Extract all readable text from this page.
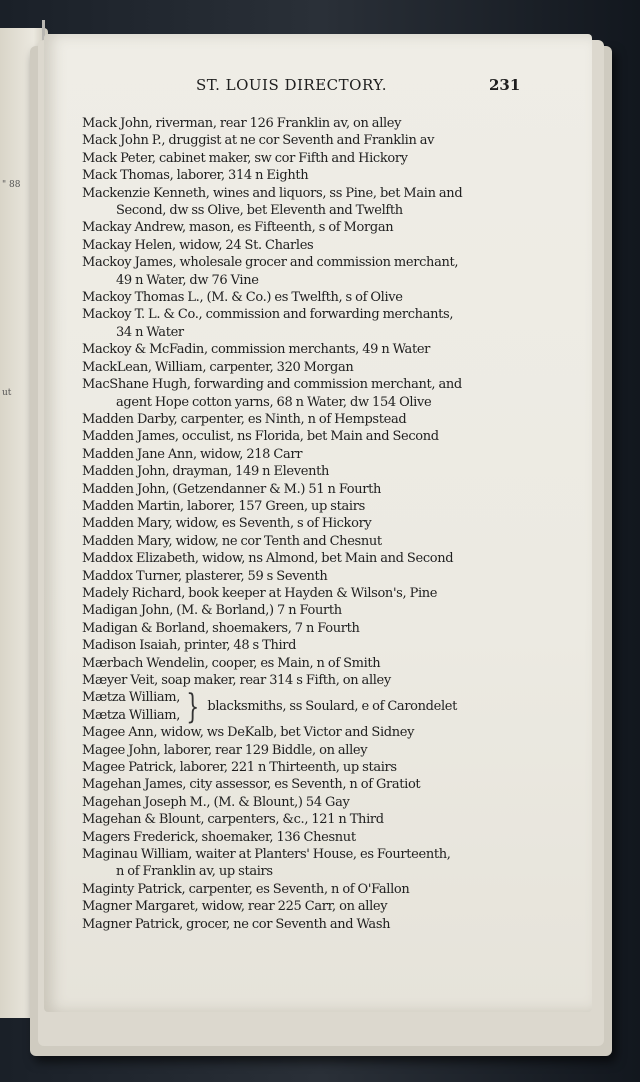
" 88
ut
ST. LOUIS DIRECTORY.	231
Mack John, riverman, rear 126 Franklin av, on alley
Mack John P., druggist at ne cor Seventh and Franklin av
Mack Peter, cabinet maker, sw cor Fifth and Hickory
Mack Thomas, laborer, 314 n Eighth
Mackenzie Kenneth, wines and liquors, ss Pine, bet Main and
Second, dw ss Olive, bet Eleventh and Twelfth
Mackay Andrew, mason, es Fifteenth, s of Morgan
Mackay Helen, widow, 24 St. Charles
Mackoy James, wholesale grocer and commission merchant,
49 n Water, dw 76 Vine
Mackoy Thomas L., (M. & Co.) es Twelfth, s of Olive
Mackoy T. L. & Co., commission and forwarding merchants,
34 n Water
Mackoy & McFadin, commission merchants, 49 n Water
MackLean, William, carpenter, 320 Morgan
MacShane Hugh, forwarding and commission merchant, and
agent Hope cotton yarns, 68 n Water, dw 154 Olive
Madden Darby, carpenter, es Ninth, n of Hempstead
Madden James, occulist, ns Florida, bet Main and Second
Madden Jane Ann, widow, 218 Carr
Madden John, drayman, 149 n Eleventh
Madden John, (Getzendanner & M.) 51 n Fourth
Madden Martin, laborer, 157 Green, up stairs
Madden Mary, widow, es Seventh, s of Hickory
Madden Mary, widow, ne cor Tenth and Chesnut
Maddox Elizabeth, widow, ns Almond, bet Main and Second
Maddox Turner, plasterer, 59 s Seventh
Madely Richard, book keeper at Hayden & Wilson's, Pine
Madigan John, (M. & Borland,) 7 n Fourth
Madigan & Borland, shoemakers, 7 n Fourth
Madison Isaiah, printer, 48 s Third
Mærbach Wendelin, cooper, es Main, n of Smith
Mæyer Veit, soap maker, rear 314 s Fifth, on alley
Mætza William,
Mætza William, } blacksmiths, ss Soulard, e of Carondelet
Magee Ann, widow, ws DeKalb, bet Victor and Sidney
Magee John, laborer, rear 129 Biddle, on alley
Magee Patrick, laborer, 221 n Thirteenth, up stairs
Magehan James, city assessor, es Seventh, n of Gratiot
Magehan Joseph M., (M. & Blount,) 54 Gay
Magehan & Blount, carpenters, &c., 121 n Third
Magers Frederick, shoemaker, 136 Chesnut
Maginau William, waiter at Planters' House, es Fourteenth,
n of Franklin av, up stairs
Maginty Patrick, carpenter, es Seventh, n of O'Fallon
Magner Margaret, widow, rear 225 Carr, on alley
Magner Patrick, grocer, ne cor Seventh and Wash
